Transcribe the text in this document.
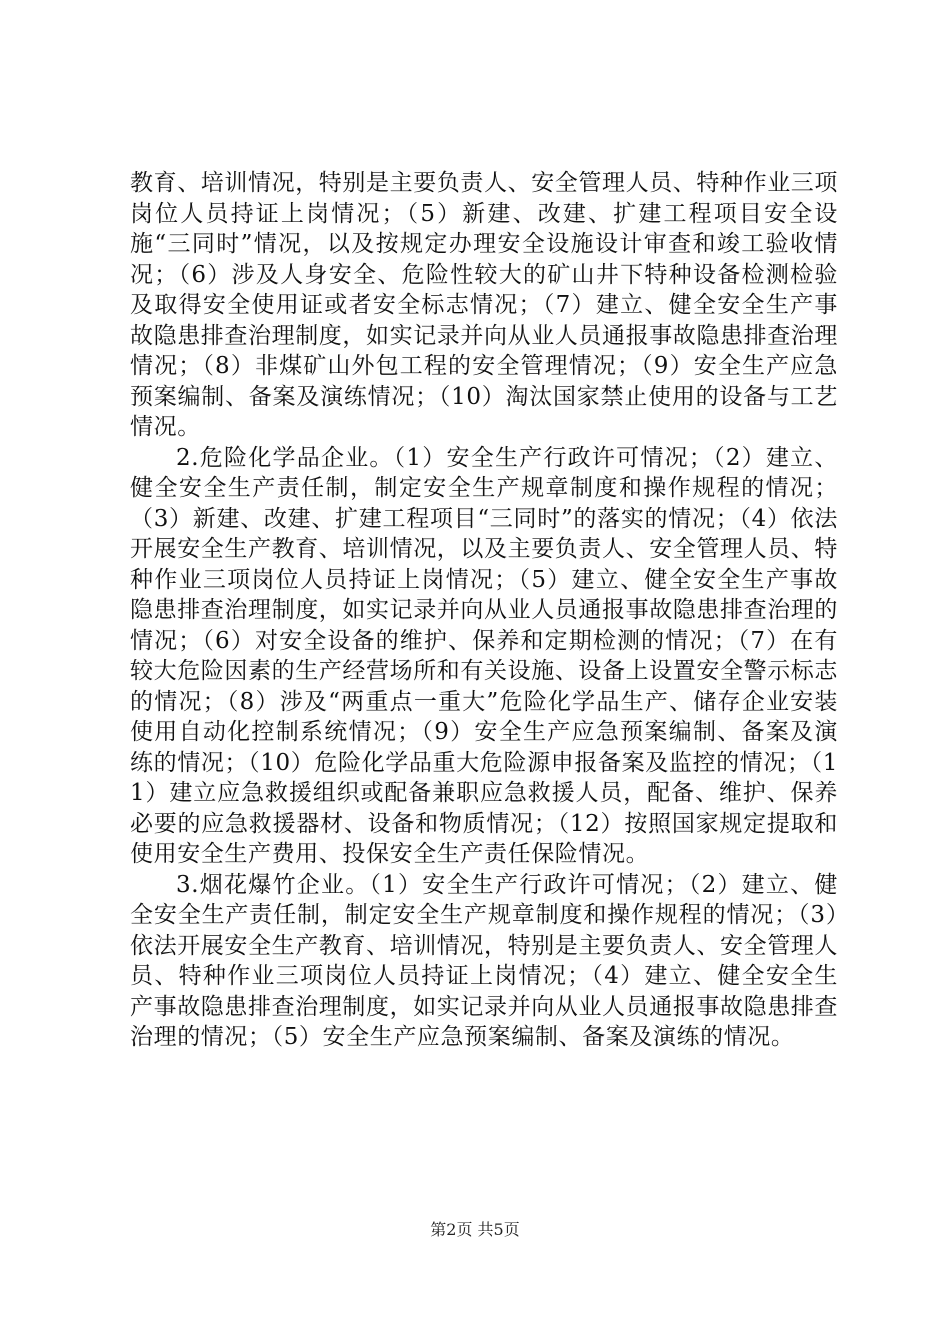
教育、培训情况，特别是主要负责人、安全管理人员、特种作业三项岗位人员持证上岗情况；（5）新建、改建、扩建工程项目安全设施“三同时”情况，以及按规定办理安全设施设计审查和竣工验收情况；（6）涉及人身安全、危险性较大的矿山井下特种设备检测检验及取得安全使用证或者安全标志情况；（7）建立、健全安全生产事故隐患排查治理制度，如实记录并向从业人员通报事故隐患排查治理情况；（8）非煤矿山外包工程的安全管理情况；（9）安全生产应急预案编制、备案及演练情况；（10）淘汰国家禁止使用的设备与工艺情况。

2.危险化学品企业。（1）安全生产行政许可情况；（2）建立、健全安全生产责任制，制定安全生产规章制度和操作规程的情况；（3）新建、改建、扩建工程项目“三同时”的落实的情况；（4）依法开展安全生产教育、培训情况，以及主要负责人、安全管理人员、特种作业三项岗位人员持证上岗情况；（5）建立、健全安全生产事故隐患排查治理制度，如实记录并向从业人员通报事故隐患排查治理的情况；（6）对安全设备的维护、保养和定期检测的情况；（7）在有较大危险因素的生产经营场所和有关设施、设备上设置安全警示标志的情况；（8）涉及“两重点一重大”危险化学品生产、储存企业安装使用自动化控制系统情况；（9）安全生产应急预案编制、备案及演练的情况；（10）危险化学品重大危险源申报备案及监控的情况；（11）建立应急救援组织或配备兼职应急救援人员，配备、维护、保养必要的应急救援器材、设备和物质情况；（12）按照国家规定提取和使用安全生产费用、投保安全生产责任保险情况。

3.烟花爆竹企业。（1）安全生产行政许可情况；（2）建立、健全安全生产责任制，制定安全生产规章制度和操作规程的情况；（3）依法开展安全生产教育、培训情况，特别是主要负责人、安全管理人员、特种作业三项岗位人员持证上岗情况；（4）建立、健全安全生产事故隐患排查治理制度，如实记录并向从业人员通报事故隐患排查治理的情况；（5）安全生产应急预案编制、备案及演练的情况。

第2页 共5页
